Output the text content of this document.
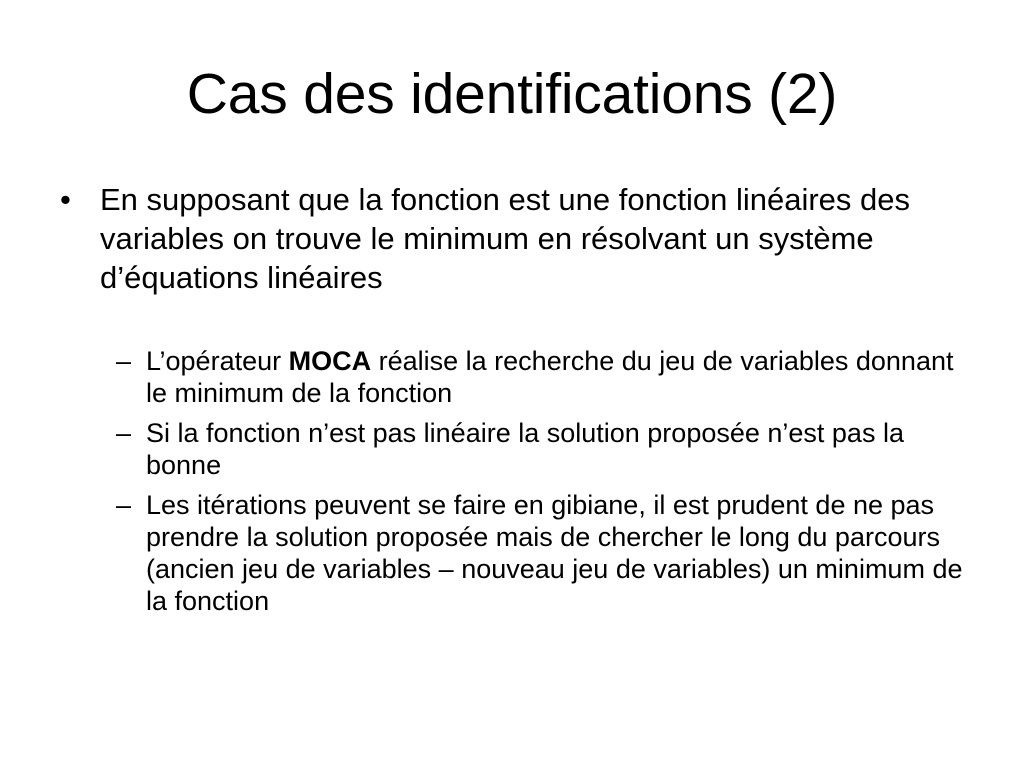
Cas des identifications (2)
• En supposant que la fonction est une fonction linéaires des variables on trouve le minimum en résolvant un système d’équations linéaires
– L’opérateur MOCA réalise la recherche du jeu de variables donnant le minimum de la fonction
– Si la fonction n’est pas linéaire la solution proposée n’est pas la bonne
– Les itérations peuvent se faire en gibiane, il est prudent de ne pas prendre la solution proposée mais de chercher le long du parcours (ancien jeu de variables – nouveau jeu de variables) un minimum de la fonction
